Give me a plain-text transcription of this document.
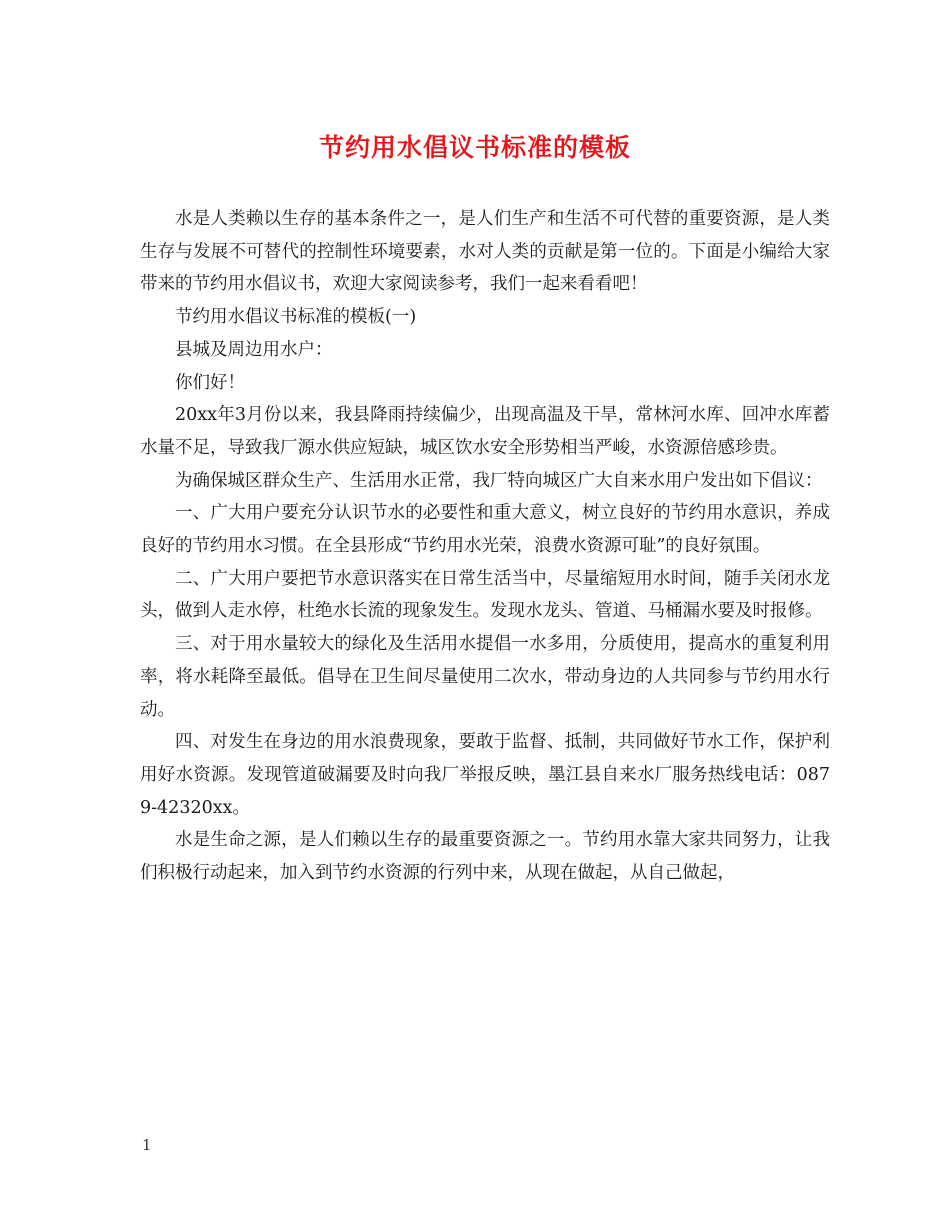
节约用水倡议书标准的模板

水是人类赖以生存的基本条件之一，是人们生产和生活不可代替的重要资源，是人类生存与发展不可替代的控制性环境要素，水对人类的贡献是第一位的。下面是小编给大家带来的节约用水倡议书，欢迎大家阅读参考，我们一起来看看吧！

节约用水倡议书标准的模板(一)

县城及周边用水户：

你们好！

20xx年3月份以来，我县降雨持续偏少，出现高温及干旱，常林河水库、回冲水库蓄水量不足，导致我厂源水供应短缺，城区饮水安全形势相当严峻，水资源倍感珍贵。

为确保城区群众生产、生活用水正常，我厂特向城区广大自来水用户发出如下倡议：

一、广大用户要充分认识节水的必要性和重大意义，树立良好的节约用水意识，养成良好的节约用水习惯。在全县形成“节约用水光荣，浪费水资源可耻”的良好氛围。

二、广大用户要把节水意识落实在日常生活当中，尽量缩短用水时间，随手关闭水龙头，做到人走水停，杜绝水长流的现象发生。发现水龙头、管道、马桶漏水要及时报修。

三、对于用水量较大的绿化及生活用水提倡一水多用，分质使用，提高水的重复利用率，将水耗降至最低。倡导在卫生间尽量使用二次水，带动身边的人共同参与节约用水行动。

四、对发生在身边的用水浪费现象，要敢于监督、抵制，共同做好节水工作，保护利用好水资源。发现管道破漏要及时向我厂举报反映，墨江县自来水厂服务热线电话：0879-42320xx。

水是生命之源，是人们赖以生存的最重要资源之一。节约用水靠大家共同努力，让我们积极行动起来，加入到节约水资源的行列中来，从现在做起，从自己做起，

1
